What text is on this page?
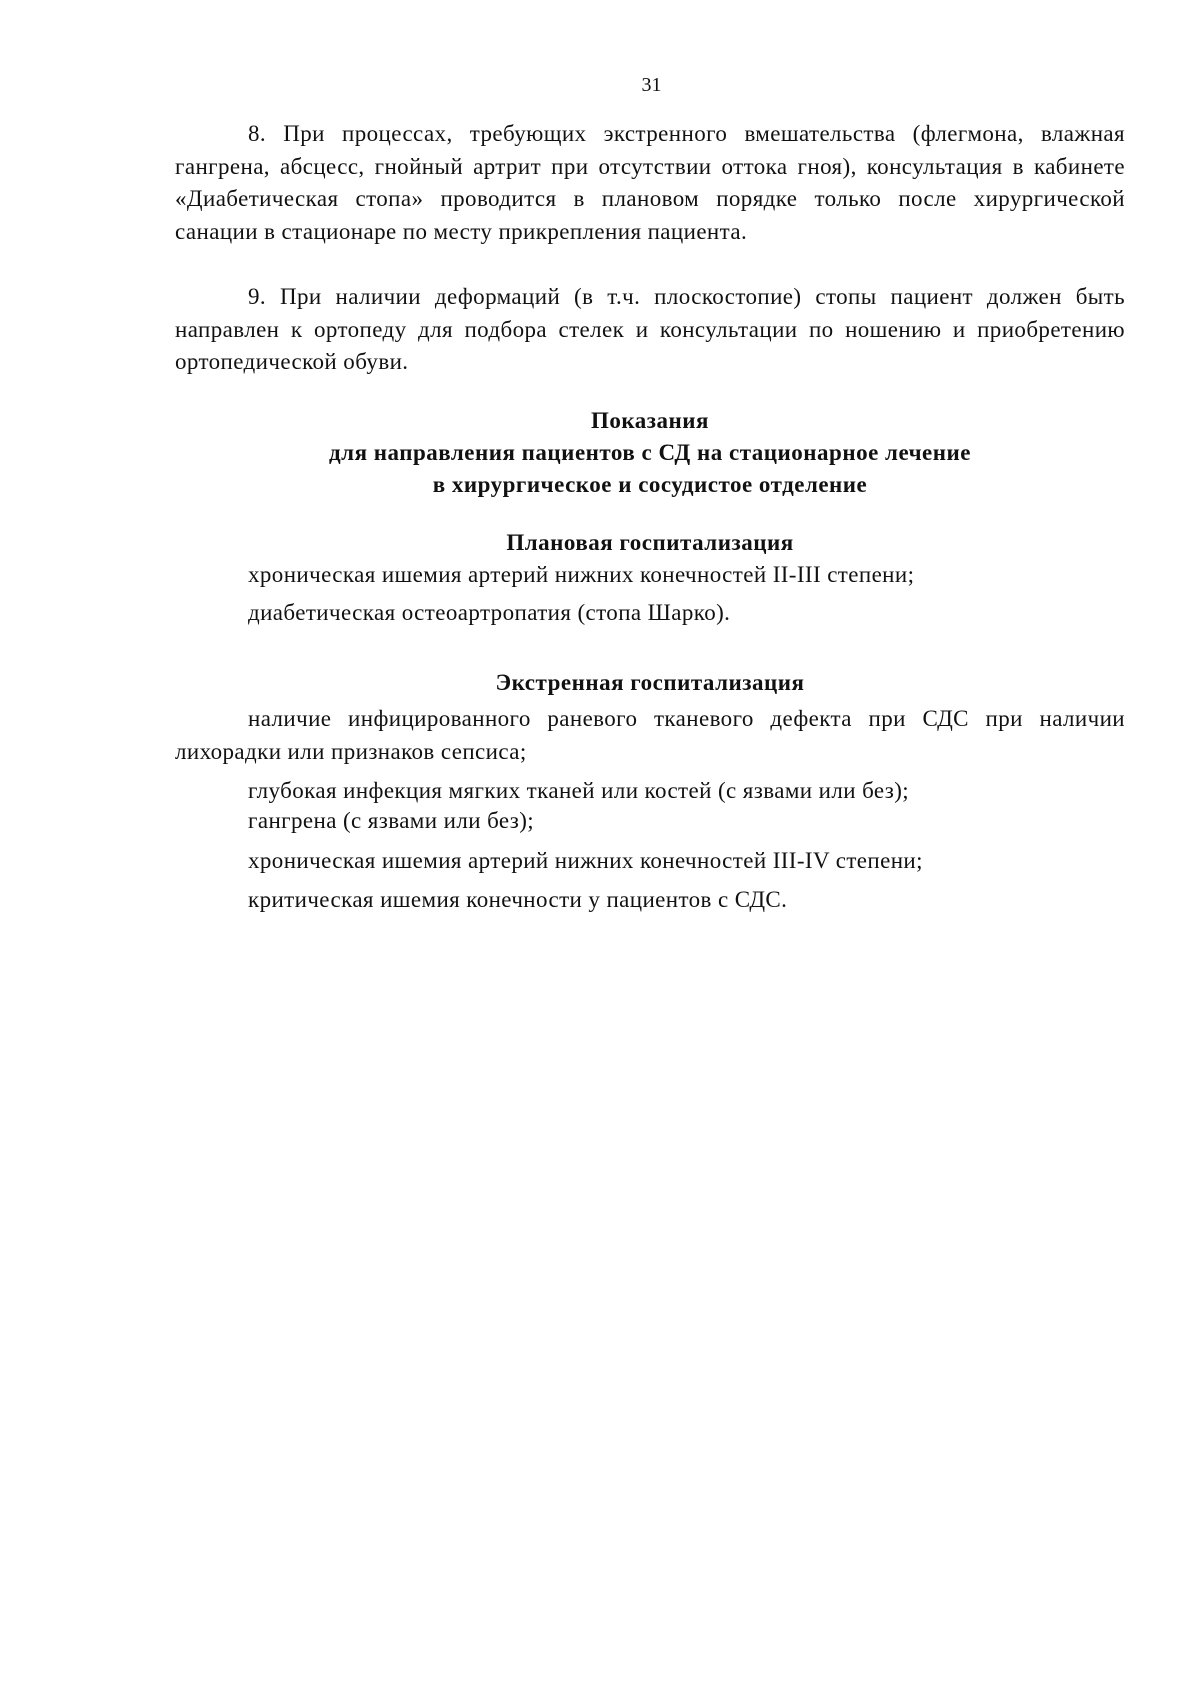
31

8. При процессах, требующих экстренного вмешательства (флегмона, влажная гангрена, абсцесс, гнойный артрит при отсутствии оттока гноя), консультация в кабинете «Диабетическая стопа» проводится в плановом порядке только после хирургической санации в стационаре по месту прикрепления пациента.

9. При наличии деформаций (в т.ч. плоскостопие) стопы пациент должен быть направлен к ортопеду для подбора стелек и консультации по ношению и приобретению ортопедической обуви.

Показания
для направления пациентов с СД на стационарное лечение
в хирургическое и сосудистое отделение
Плановая госпитализация
хроническая ишемия артерий нижних конечностей II-III степени;
диабетическая остеоартропатия (стопа Шарко).
Экстренная госпитализация

наличие инфицированного раневого тканевого дефекта при СДС при наличии лихорадки или признаков сепсиса;

глубокая инфекция мягких тканей или костей (с язвами или без);
гангрена (с язвами или без);
хроническая ишемия артерий нижних конечностей III-IV степени;
критическая ишемия конечности у пациентов с СДС.
